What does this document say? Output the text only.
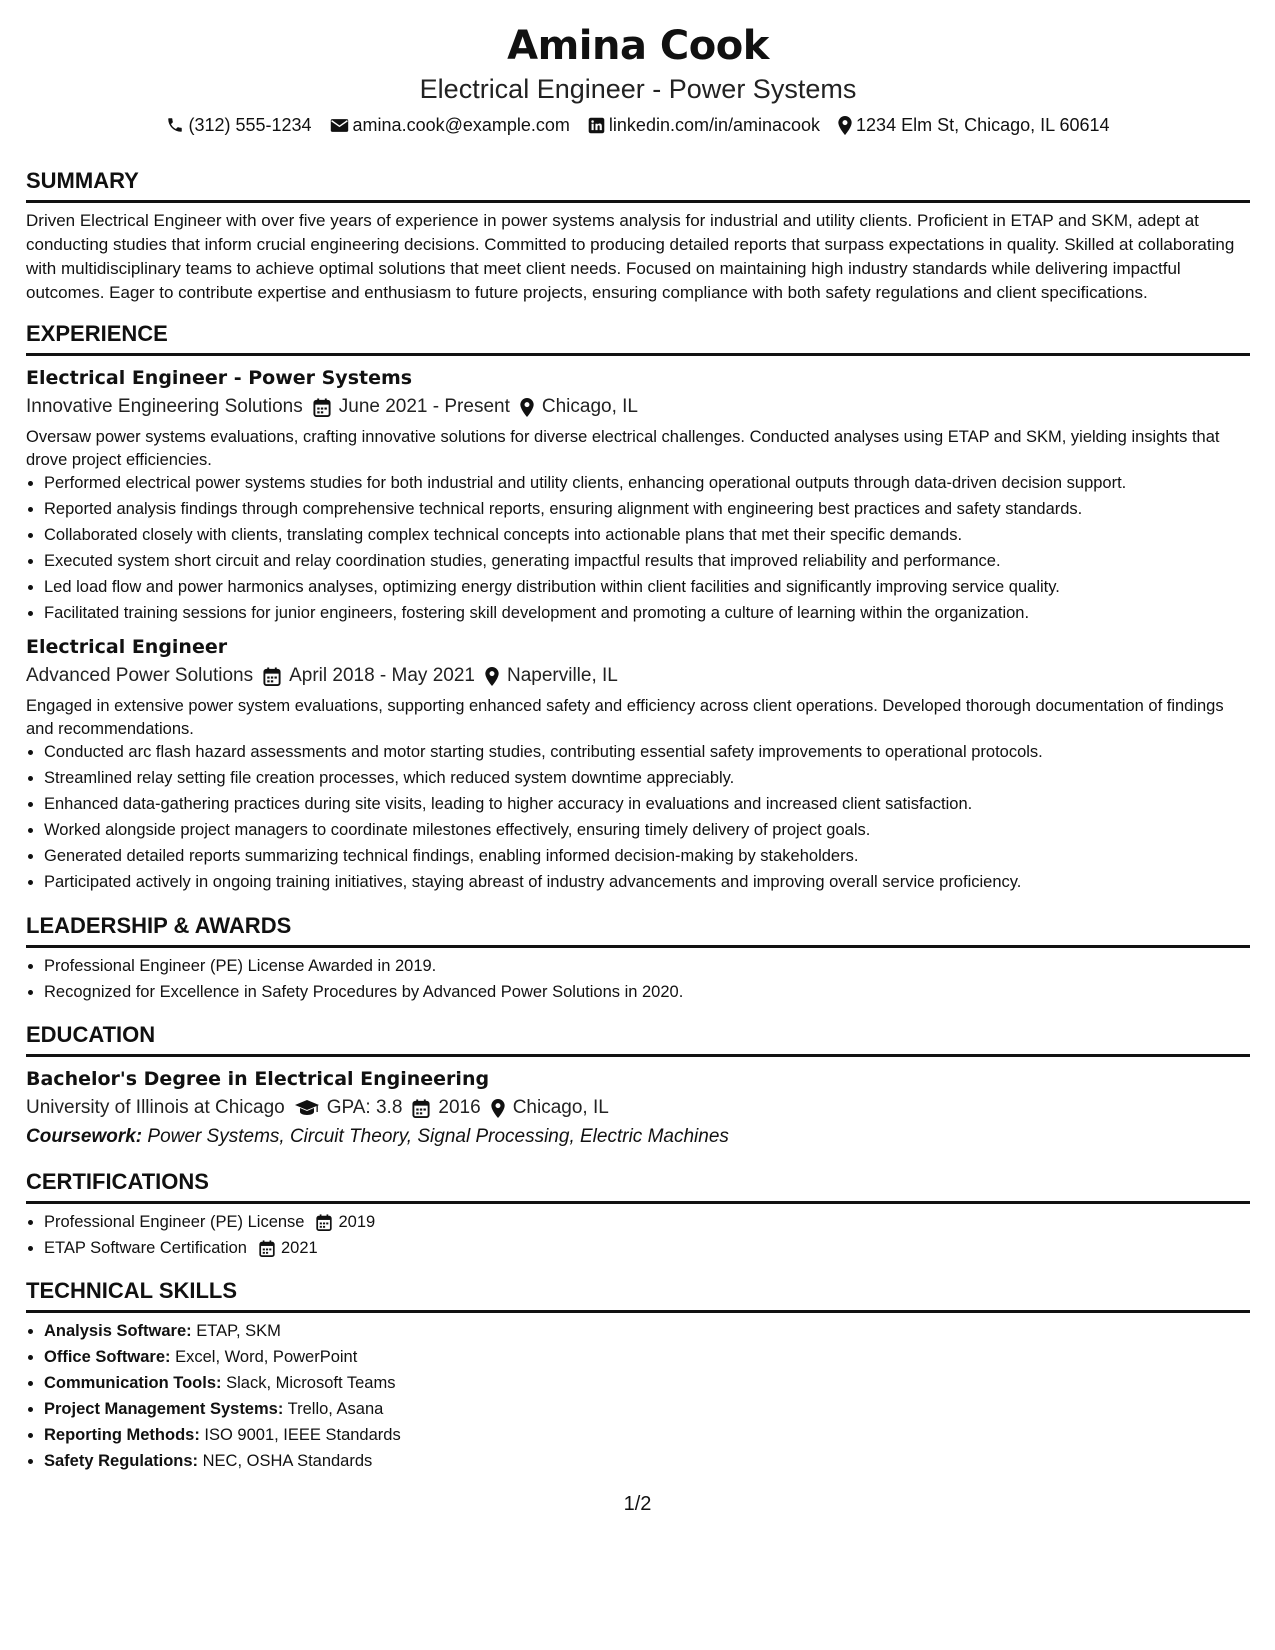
Amina Cook
Electrical Engineer - Power Systems
(312) 555-1234 amina.cook@example.com linkedin.com/in/aminacook 1234 Elm St, Chicago, IL 60614
SUMMARY
Driven Electrical Engineer with over five years of experience in power systems analysis for industrial and utility clients. Proficient in ETAP and SKM, adept at conducting studies that inform crucial engineering decisions. Committed to producing detailed reports that surpass expectations in quality. Skilled at collaborating with multidisciplinary teams to achieve optimal solutions that meet client needs. Focused on maintaining high industry standards while delivering impactful outcomes. Eager to contribute expertise and enthusiasm to future projects, ensuring compliance with both safety regulations and client specifications.
EXPERIENCE
Electrical Engineer - Power Systems
Innovative Engineering Solutions June 2021 - Present Chicago, IL
Oversaw power systems evaluations, crafting innovative solutions for diverse electrical challenges. Conducted analyses using ETAP and SKM, yielding insights that drove project efficiencies.
• Performed electrical power systems studies for both industrial and utility clients, enhancing operational outputs through data-driven decision support.
• Reported analysis findings through comprehensive technical reports, ensuring alignment with engineering best practices and safety standards.
• Collaborated closely with clients, translating complex technical concepts into actionable plans that met their specific demands.
• Executed system short circuit and relay coordination studies, generating impactful results that improved reliability and performance.
• Led load flow and power harmonics analyses, optimizing energy distribution within client facilities and significantly improving service quality.
• Facilitated training sessions for junior engineers, fostering skill development and promoting a culture of learning within the organization.
Electrical Engineer
Advanced Power Solutions April 2018 - May 2021 Naperville, IL
Engaged in extensive power system evaluations, supporting enhanced safety and efficiency across client operations. Developed thorough documentation of findings and recommendations.
• Conducted arc flash hazard assessments and motor starting studies, contributing essential safety improvements to operational protocols.
• Streamlined relay setting file creation processes, which reduced system downtime appreciably.
• Enhanced data-gathering practices during site visits, leading to higher accuracy in evaluations and increased client satisfaction.
• Worked alongside project managers to coordinate milestones effectively, ensuring timely delivery of project goals.
• Generated detailed reports summarizing technical findings, enabling informed decision-making by stakeholders.
• Participated actively in ongoing training initiatives, staying abreast of industry advancements and improving overall service proficiency.
LEADERSHIP & AWARDS
• Professional Engineer (PE) License Awarded in 2019.
• Recognized for Excellence in Safety Procedures by Advanced Power Solutions in 2020.
EDUCATION
Bachelor's Degree in Electrical Engineering
University of Illinois at Chicago GPA: 3.8 2016 Chicago, IL
Coursework: Power Systems, Circuit Theory, Signal Processing, Electric Machines
CERTIFICATIONS
• Professional Engineer (PE) License 2019
• ETAP Software Certification 2021
TECHNICAL SKILLS
• Analysis Software: ETAP, SKM
• Office Software: Excel, Word, PowerPoint
• Communication Tools: Slack, Microsoft Teams
• Project Management Systems: Trello, Asana
• Reporting Methods: ISO 9001, IEEE Standards
• Safety Regulations: NEC, OSHA Standards
1/2
